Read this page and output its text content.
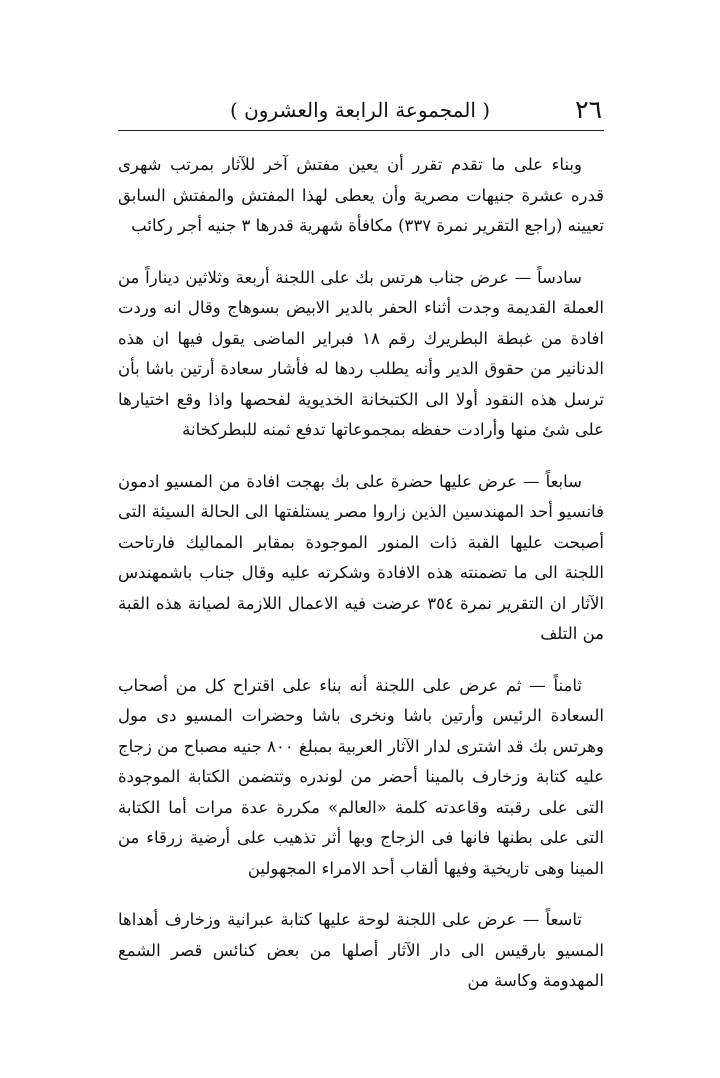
٢٦
( المجموعة الرابعة والعشرون )

وبناء على ما تقدم تقرر أن يعين مفتش آخر للآثار بمرتب شهرى قدره عشرة جنيهات مصرية وأن يعطى لهذا المفتش والمفتش السابق تعيينه (راجع التقرير نمرة ٣٣٧) مكافأة شهرية قدرها ٣ جنيه أجر ركائب

سادساً — عرض جناب هرتس بك على اللجنة أربعة وثلاثين ديناراً من العملة القديمة وجدت أثناء الحفر بالدير الابيض بسوهاج وقال انه وردت افادة من غبطة البطريرك رقم ١٨ فبراير الماضى يقول فيها ان هذه الدنانير من حقوق الدير وأنه يطلب ردها له فأشار سعادة أرتين باشا بأن ترسل هذه النقود أولا الى الكتبخانة الخديوية لفحصها واذا وقع اختيارها على شئ منها وأرادت حفظه بمجموعاتها تدفع ثمنه للبطركخانة

سابعاً — عرض عليها حضرة على بك بهجت افادة من المسيو ادمون فانسيو أحد المهندسين الذين زاروا مصر يستلفتها الى الحالة السيئة التى أصبحت عليها القبة ذات المنور الموجودة بمقابر المماليك فارتاحت اللجنة الى ما تضمنته هذه الافادة وشكرته عليه وقال جناب باشمهندس الآثار ان التقرير نمرة ٣٥٤ عرضت فيه الاعمال اللازمة لصيانة هذه القبة من التلف

ثامناً — ثم عرض على اللجنة أنه بناء على اقتراح كل من أصحاب السعادة الرئيس وأرتين باشا ونخرى باشا وحضرات المسيو دى مول وهرتس بك قد اشترى لدار الآثار العربية بمبلغ ٨٠٠ جنيه مصباح من زجاج عليه كتابة وزخارف بالمينا أحضر من لوندره وتتضمن الكتابة الموجودة التى على رقبته وقاعدته كلمة «العالم» مكررة عدة مرات أما الكتابة التى على بطنها فانها فى الزجاج وبها أثر تذهيب على أرضية زرقاء من المينا وهى تاريخية وفيها ألقاب أحد الامراء المجهولين

تاسعاً — عرض على اللجنة لوحة عليها كتابة عبرانية وزخارف أهداها المسيو بارقيس الى دار الآثار أصلها من بعض كنائس قصر الشمع المهدومة وكاسة من
